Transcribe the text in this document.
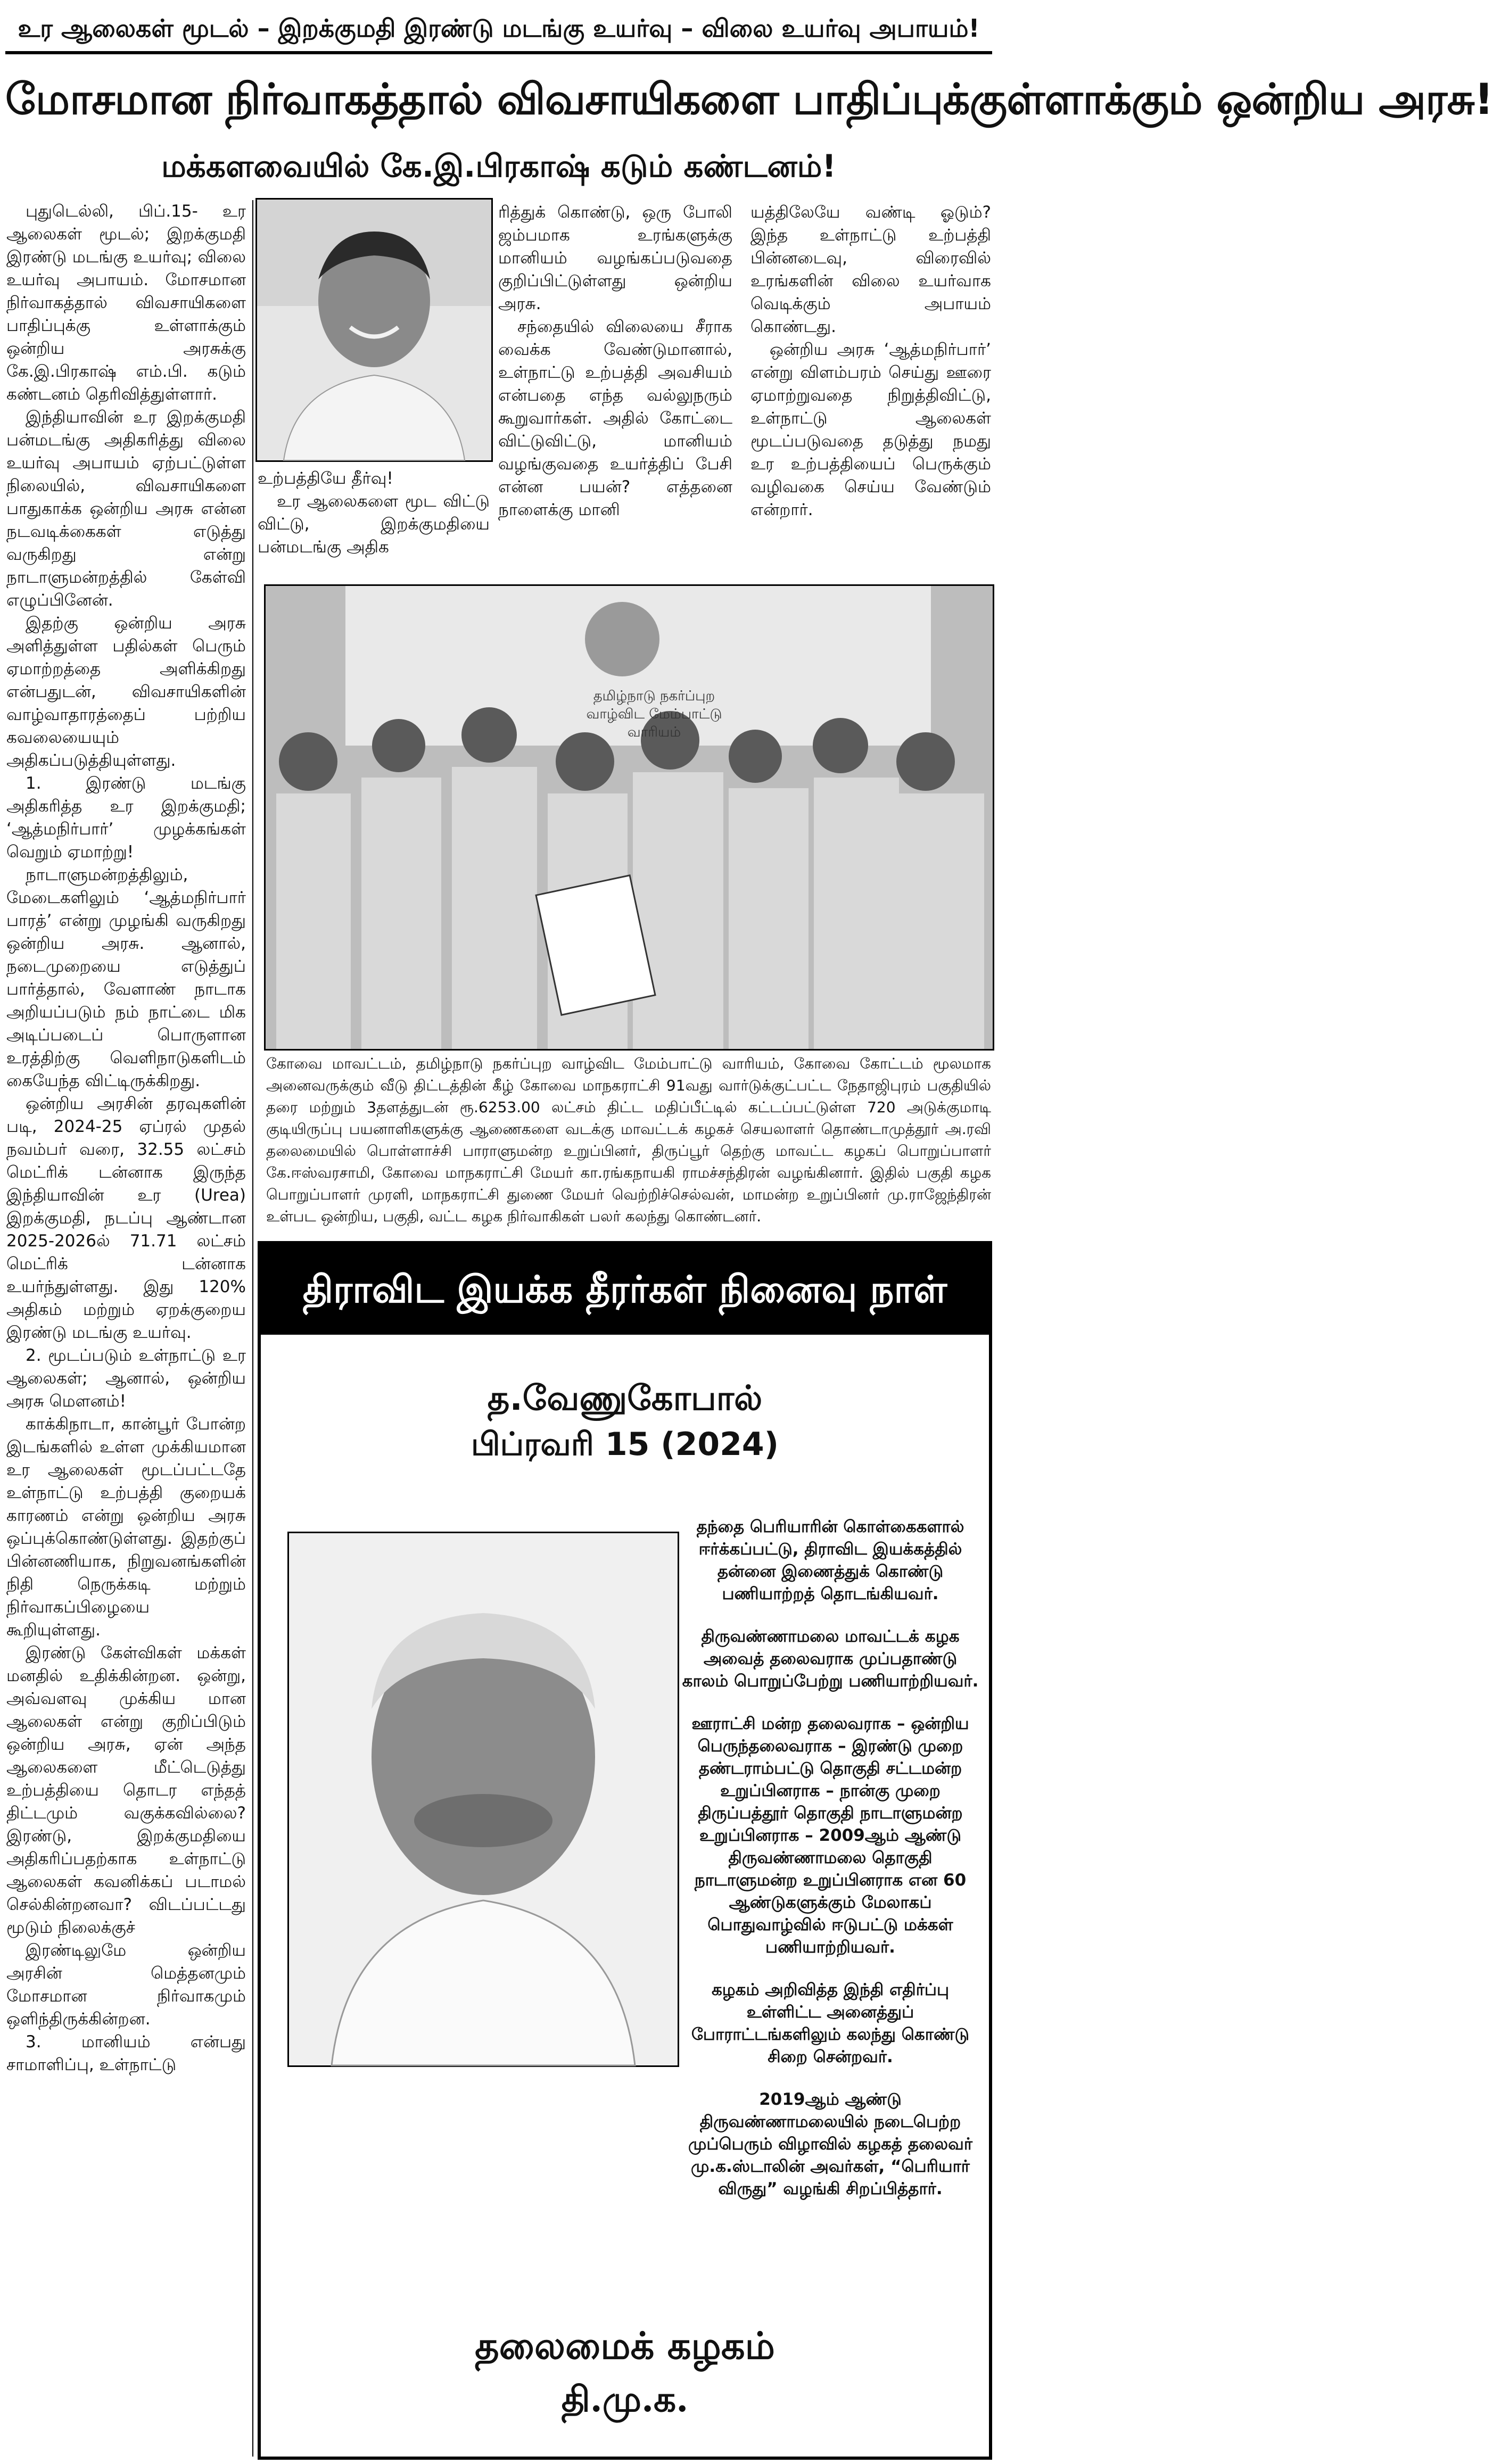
உர ஆலைகள் மூடல் – இறக்குமதி இரண்டு மடங்கு உயர்வு – விலை உயர்வு அபாயம்!
மோசமான நிர்வாகத்தால் விவசாயிகளை பாதிப்புக்குள்ளாக்கும் ஒன்றிய அரசு!
மக்களவையில் கே.இ.பிரகாஷ் கடும் கண்டனம்!

புதுடெல்லி, பிப்.15- உர ஆலைகள் மூடல்; இறக்குமதி இரண்டு மடங்கு உயர்வு; விலை உயர்வு அபாயம். மோசமான நிர்வாகத்தால் விவசாயிகளை பாதிப்புக்கு உள்ளாக்கும் ஒன்றிய அரசுக்கு கே.இ.பிரகாஷ் எம்.பி. கடும் கண்டனம் தெரிவித்துள்ளார்.

இந்தியாவின் உர இறக்குமதி பன்மடங்கு அதிகரித்து விலை உயர்வு அபாயம் ஏற்பட்டுள்ள நிலையில், விவசாயிகளை பாதுகாக்க ஒன்றிய அரசு என்ன நடவடிக்கைகள் எடுத்து வருகிறது என்று நாடாளுமன்றத்தில் கேள்வி எழுப்பினேன்.

இதற்கு ஒன்றிய அரசு அளித்துள்ள பதில்கள் பெரும் ஏமாற்றத்தை அளிக்கிறது என்பதுடன், விவசாயிகளின் வாழ்வாதாரத்தைப் பற்றிய கவலையையும் அதிகப்படுத்தியுள்ளது.

1. இரண்டு மடங்கு அதிகரித்த உர இறக்குமதி; ‘ஆத்மநிர்பார்’ முழக்கங்கள் வெறும் ஏமாற்று!

நாடாளுமன்றத்திலும், மேடைகளிலும் ‘ஆத்மநிர்பார் பாரத்’ என்று முழங்கி வருகிறது ஒன்றிய அரசு. ஆனால், நடைமுறையை எடுத்துப் பார்த்தால், வேளாண் நாடாக அறியப்படும் நம் நாட்டை மிக அடிப்படைப் பொருளான உரத்திற்கு வெளிநாடுகளிடம் கையேந்த விட்டிருக்கிறது.

ஒன்றிய அரசின் தரவுகளின் படி, 2024-25 ஏப்ரல் முதல் நவம்பர் வரை, 32.55 லட்சம் மெட்ரிக் டன்னாக இருந்த இந்தியாவின் உர (Urea) இறக்குமதி, நடப்பு ஆண்டான 2025-2026ல் 71.71 லட்சம் மெட்ரிக் டன்னாக உயர்ந்துள்ளது. இது 120% அதிகம் மற்றும் ஏறக்குறைய இரண்டு மடங்கு உயர்வு.

2. மூடப்படும் உள்நாட்டு உர ஆலைகள்; ஆனால், ஒன்றிய அரசு மௌனம்!

காக்கிநாடா, கான்பூர் போன்ற இடங்களில் உள்ள முக்கியமான உர ஆலைகள் மூடப்பட்டதே உள்நாட்டு உற்பத்தி குறையக் காரணம் என்று ஒன்றிய அரசு ஒப்புக்கொண்டுள்ளது. இதற்குப் பின்னணியாக, நிறுவனங்களின் நிதி நெருக்கடி மற்றும் நிர்வாகப்பிழையை கூறியுள்ளது.

இரண்டு கேள்விகள் மக்கள் மனதில் உதிக்கின்றன. ஒன்று, அவ்வளவு முக்கிய மான ஆலைகள் என்று குறிப்பிடும் ஒன்றிய அரசு, ஏன் அந்த ஆலைகளை மீட்டெடுத்து உற்பத்தியை தொடர எந்தத் திட்டமும் வகுக்கவில்லை? இரண்டு, இறக்குமதியை அதிகரிப்பதற்காக உள்நாட்டு ஆலைகள் கவனிக்கப் படாமல் செல்கின்றனவா? விடப்பட்டது மூடும் நிலைக்குச்

இரண்டிலுமே ஒன்றிய அரசின் மெத்தனமும் மோசமான நிர்வாகமும் ஒளிந்திருக்கின்றன.

3. மானியம் என்பது சாமாளிப்பு, உள்நாட்டு

உற்பத்தியே தீர்வு!

உர ஆலைகளை மூட விட்டு விட்டு, இறக்குமதியை பன்மடங்கு அதிக

ரித்துக் கொண்டு, ஒரு போலி ஜம்பமாக உரங்களுக்கு மானியம் வழங்கப்படுவதை குறிப்பிட்டுள்ளது ஒன்றிய அரசு.

சந்தையில் விலையை சீராக வைக்க வேண்டுமானால், உள்நாட்டு உற்பத்தி அவசியம் என்பதை எந்த வல்லுநரும் கூறுவார்கள். அதில் கோட்டை விட்டுவிட்டு, மானியம் வழங்குவதை உயர்த்திப் பேசி என்ன பயன்? எத்தனை நாளைக்கு மானி

யத்திலேயே வண்டி ஓடும்? இந்த உள்நாட்டு உற்பத்தி பின்னடைவு, விரைவில் உரங்களின் விலை உயர்வாக வெடிக்கும் அபாயம் கொண்டது.

ஒன்றிய அரசு ‘ஆத்மநிர்பார்’ என்று விளம்பரம் செய்து ஊரை ஏமாற்றுவதை நிறுத்திவிட்டு, உள்நாட்டு ஆலைகள் மூடப்படுவதை தடுத்து நமது உர உற்பத்தியைப் பெருக்கும் வழிவகை செய்ய வேண்டும் என்றார்.

தமிழ்நாடு நகர்ப்புற வாழ்விட மேம்பாட்டு வாரியம்
கோவை மாவட்டம், தமிழ்நாடு நகர்ப்புற வாழ்விட மேம்பாட்டு வாரியம், கோவை கோட்டம் மூலமாக அனைவருக்கும் வீடு திட்டத்தின் கீழ் கோவை மாநகராட்சி 91வது வார்டுக்குட்பட்ட நேதாஜிபுரம் பகுதியில் தரை மற்றும் 3தளத்துடன் ரூ.6253.00 லட்சம் திட்ட மதிப்பீட்டில் கட்டப்பட்டுள்ள 720 அடுக்குமாடி குடியிருப்பு பயனாளிகளுக்கு ஆணைகளை வடக்கு மாவட்டக் கழகச் செயலாளர் தொண்டாமுத்தூர் அ.ரவி தலைமையில் பொள்ளாச்சி பாராளுமன்ற உறுப்பினர், திருப்பூர் தெற்கு மாவட்ட கழகப் பொறுப்பாளர் கே.ஈஸ்வரசாமி, கோவை மாநகராட்சி மேயர் கா.ரங்கநாயகி ராமச்சந்திரன் வழங்கினார். இதில் பகுதி கழக பொறுப்பாளர் முரளி, மாநகராட்சி துணை மேயர் வெற்றிச்செல்வன், மாமன்ற உறுப்பினர் மு.ராஜேந்திரன் உள்பட ஒன்றிய, பகுதி, வட்ட கழக நிர்வாகிகள் பலர் கலந்து கொண்டனர்.
திராவிட இயக்க தீரர்கள் நினைவு நாள்
த.வேணுகோபால்
பிப்ரவரி 15 (2024)

தந்தை பெரியாரின் கொள்கைகளால் ஈர்க்கப்பட்டு, திராவிட இயக்கத்தில் தன்னை இணைத்துக் கொண்டு பணியாற்றத் தொடங்கியவர்.

திருவண்ணாமலை மாவட்டக் கழக அவைத் தலைவராக முப்பதாண்டு காலம் பொறுப்பேற்று பணியாற்றியவர்.

ஊராட்சி மன்ற தலைவராக – ஒன்றிய பெருந்தலைவராக – இரண்டு முறை தண்டராம்பட்டு தொகுதி சட்டமன்ற உறுப்பினராக – நான்கு முறை திருப்பத்தூர் தொகுதி நாடாளுமன்ற உறுப்பினராக – 2009ஆம் ஆண்டு திருவண்ணாமலை தொகுதி நாடாளுமன்ற உறுப்பினராக என 60 ஆண்டுகளுக்கும் மேலாகப் பொதுவாழ்வில் ஈடுபட்டு மக்கள் பணியாற்றியவர்.

கழகம் அறிவித்த இந்தி எதிர்ப்பு உள்ளிட்ட அனைத்துப் போராட்டங்களிலும் கலந்து கொண்டு சிறை சென்றவர்.

2019ஆம் ஆண்டு திருவண்ணாமலையில் நடைபெற்ற முப்பெரும் விழாவில் கழகத் தலைவர் மு.க.ஸ்டாலின் அவர்கள், “பெரியார் விருது” வழங்கி சிறப்பித்தார்.

தலைமைக் கழகம்
தி.மு.க.
